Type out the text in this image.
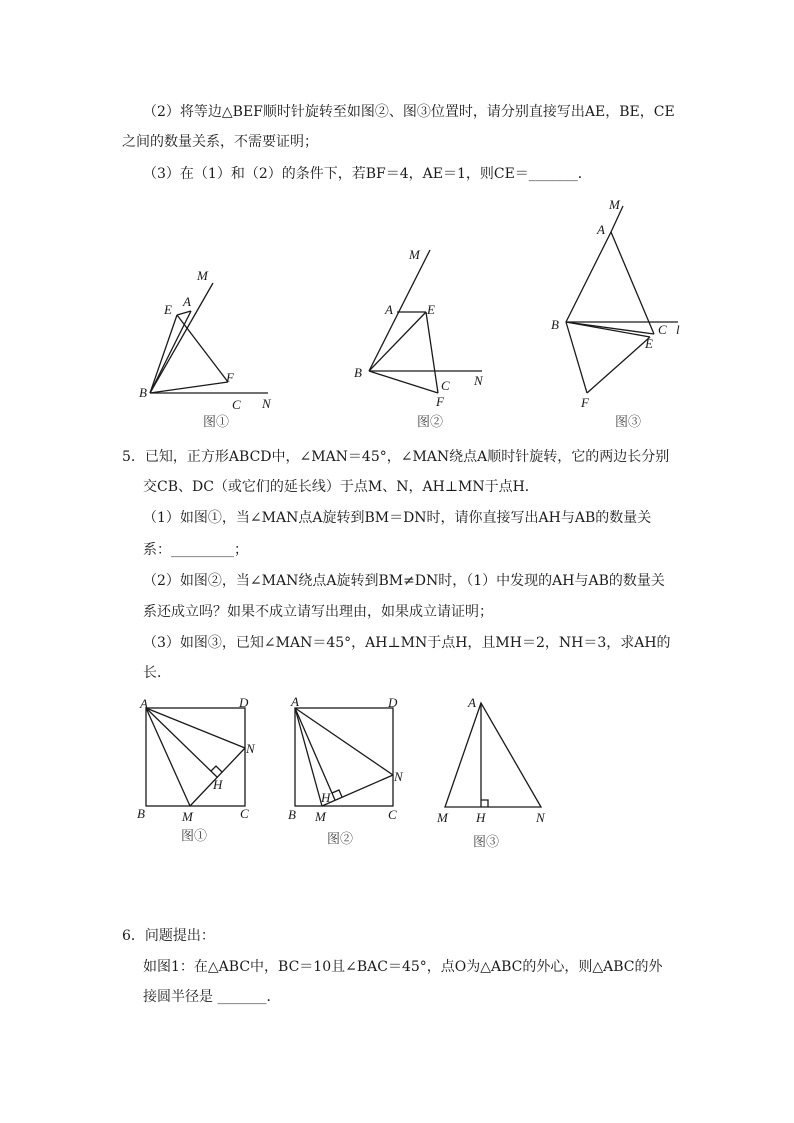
（2）将等边△BEF顺时针旋转至如图②、图③位置时，请分别直接写出AE，BE，CE
之间的数量关系，不需要证明；
（3）在（1）和（2）的条件下，若BF＝4，AE＝1，则CE＝_______．
M
A
E
F
B
C N
图①
M
A	E
B
C
F
N
图②
M
A
B	C
E
F
l
图③
5．已知，正方形ABCD中，∠MAN＝45°，∠MAN绕点A顺时针旋转，它的两边长分别
交CB、DC（或它们的延长线）于点M、N，AH⊥MN于点H．
（1）如图①，当∠MAN点A旋转到BM＝DN时，请你直接写出AH与AB的数量关
系：_________；
（2）如图②，当∠MAN绕点A旋转到BM≠DN时，（1）中发现的AH与AB的数量关
系还成立吗？如果不成立请写出理由，如果成立请证明；
（3）如图③，已知∠MAN＝45°，AH⊥MN于点H，且MH＝2，NH＝3，求AH的
长．
A	D
N
H
B	M	C
图①
A	D
N
H
B M	C
图②
A
M H	N
图③
6．问题提出：
如图1：在△ABC中，BC＝10且∠BAC＝45°，点O为△ABC的外心，则△ABC的外
接圆半径是 _______．
